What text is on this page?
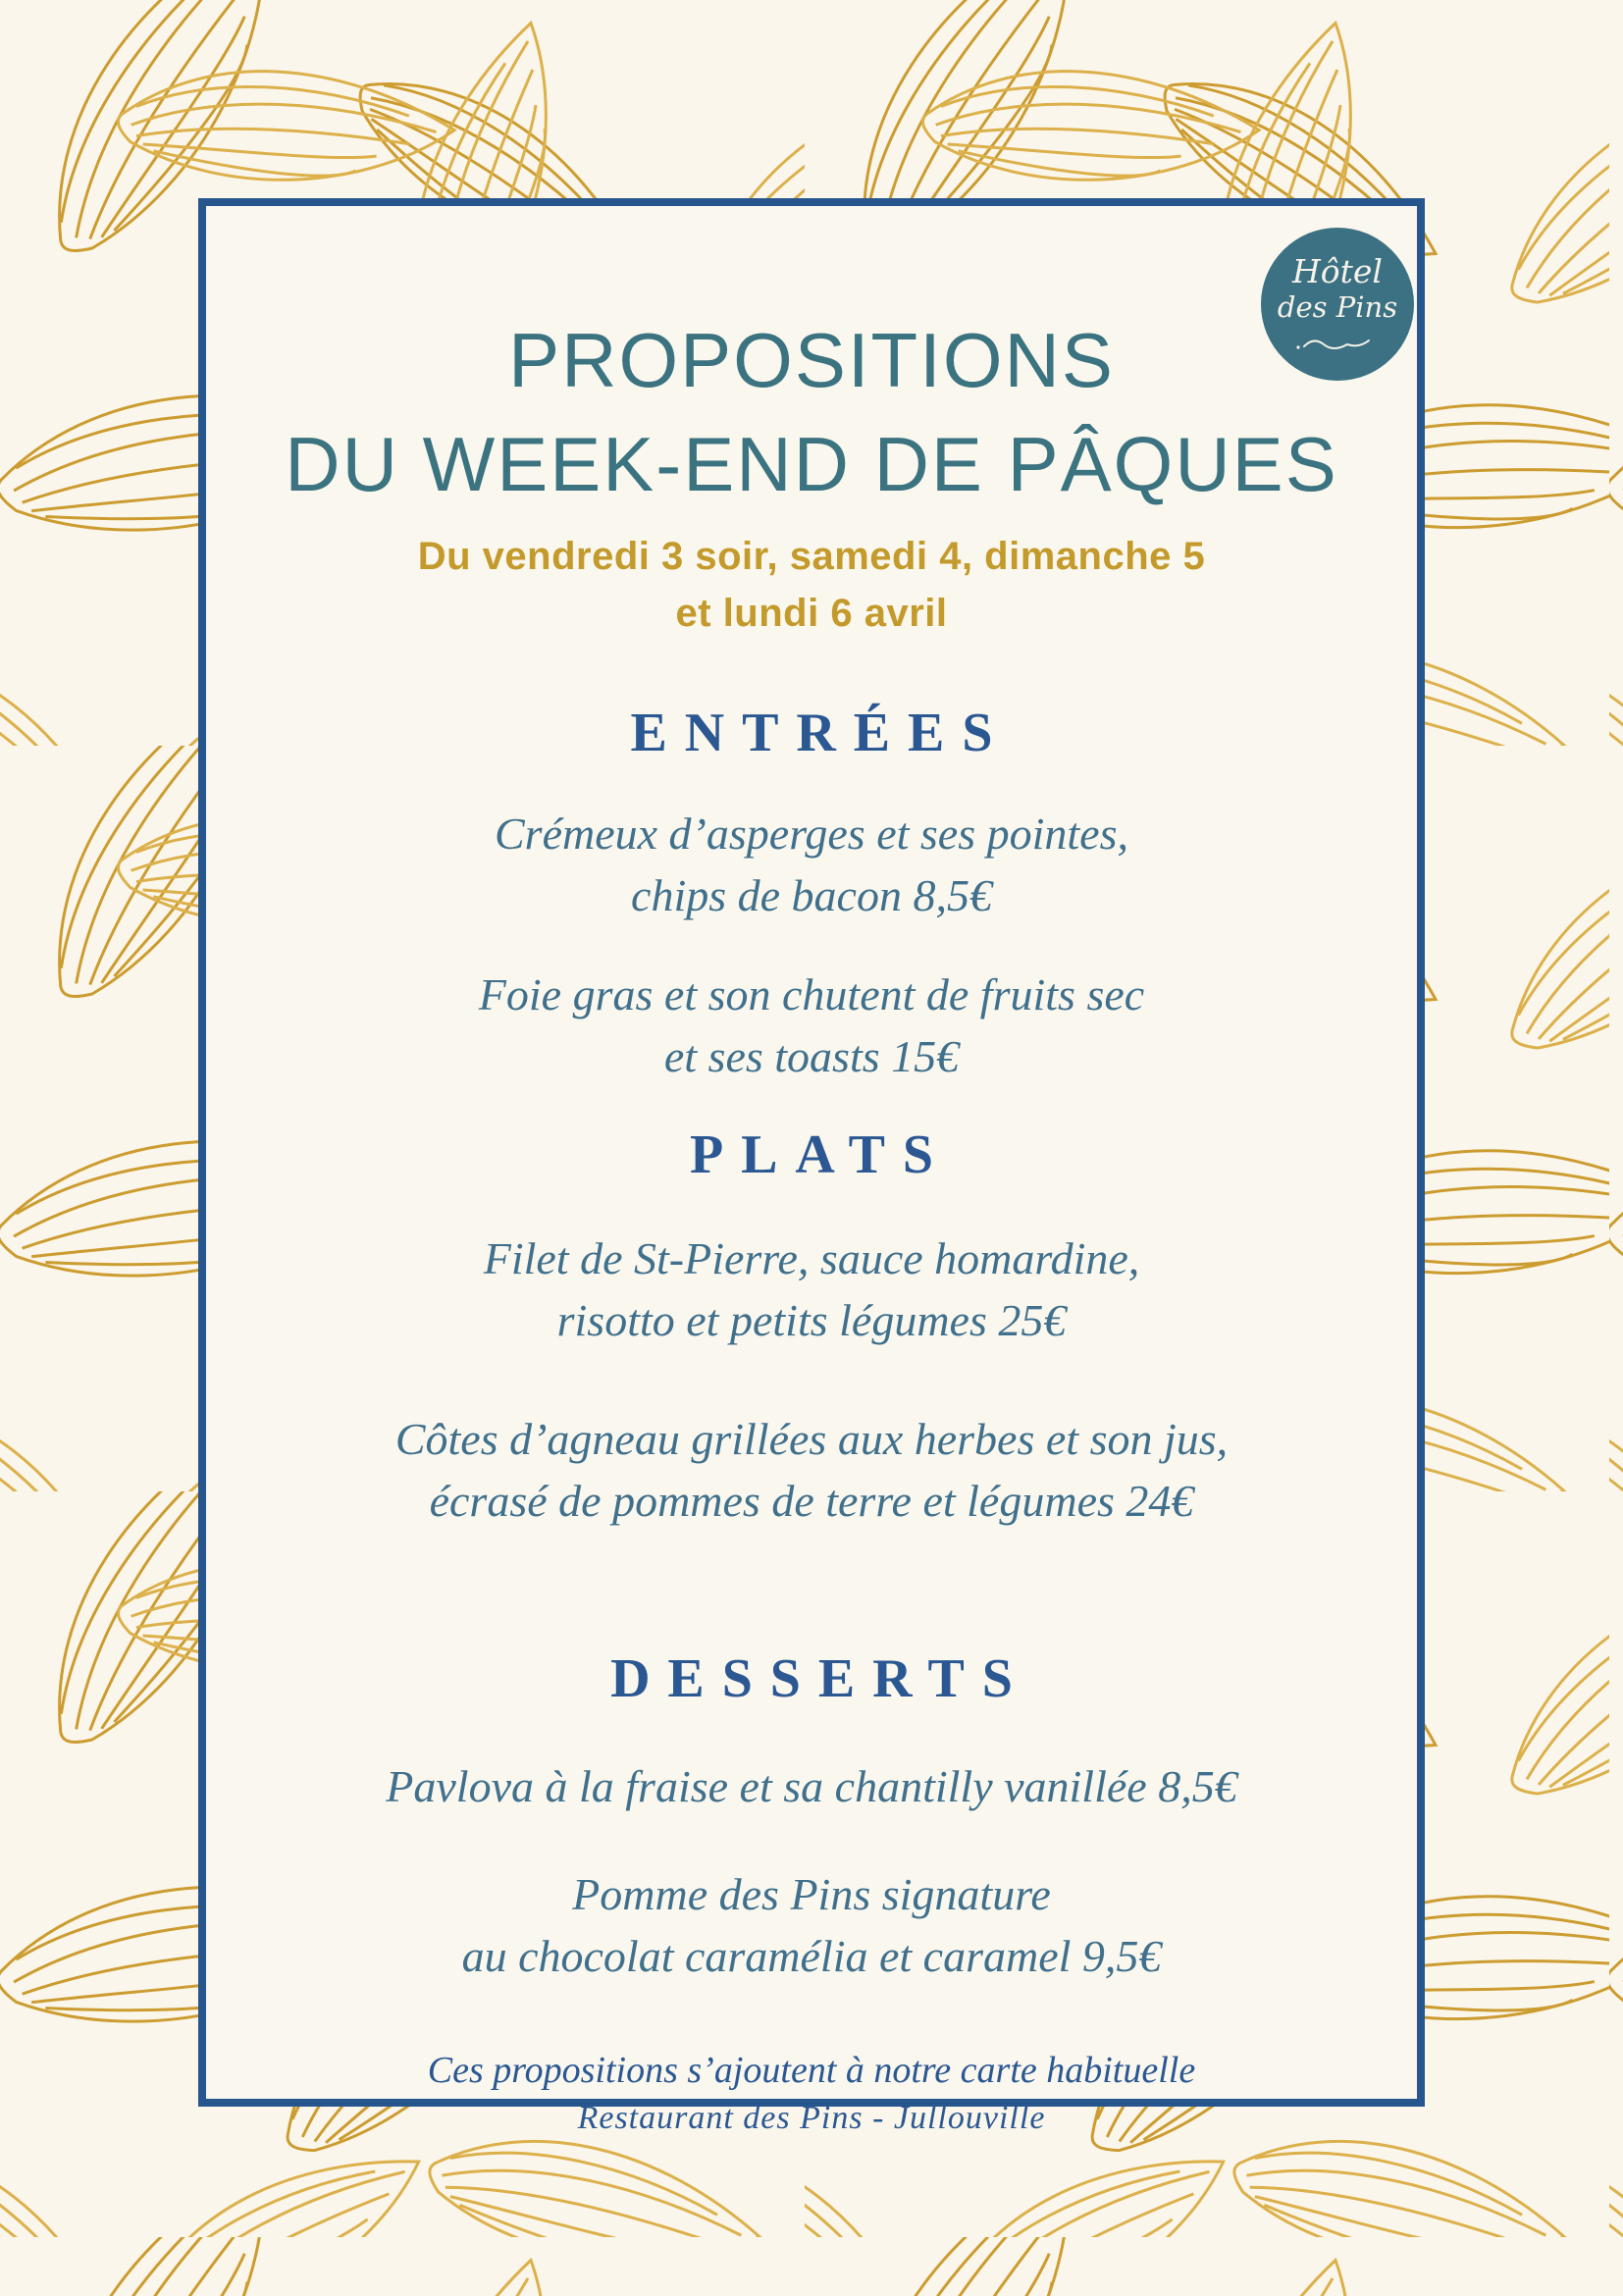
Hôtel
des Pins
PROPOSITIONS
DU WEEK-END DE PÂQUES

Du vendredi 3 soir, samedi 4, dimanche 5
et lundi 6 avril

ENTRÉES

Crémeux d’asperges et ses pointes,
chips de bacon 8,5€

Foie gras et son chutent de fruits sec
et ses toasts 15€

PLATS

Filet de St-Pierre, sauce homardine,
risotto et petits légumes 25€

Côtes d’agneau grillées aux herbes et son jus,
écrasé de pommes de terre et légumes 24€

DESSERTS

Pavlova à la fraise et sa chantilly vanillée 8,5€

Pomme des Pins signature
au chocolat caramélia et caramel 9,5€

Ces propositions s’ajoutent à notre carte habituelle
Restaurant des Pins - Jullouville
